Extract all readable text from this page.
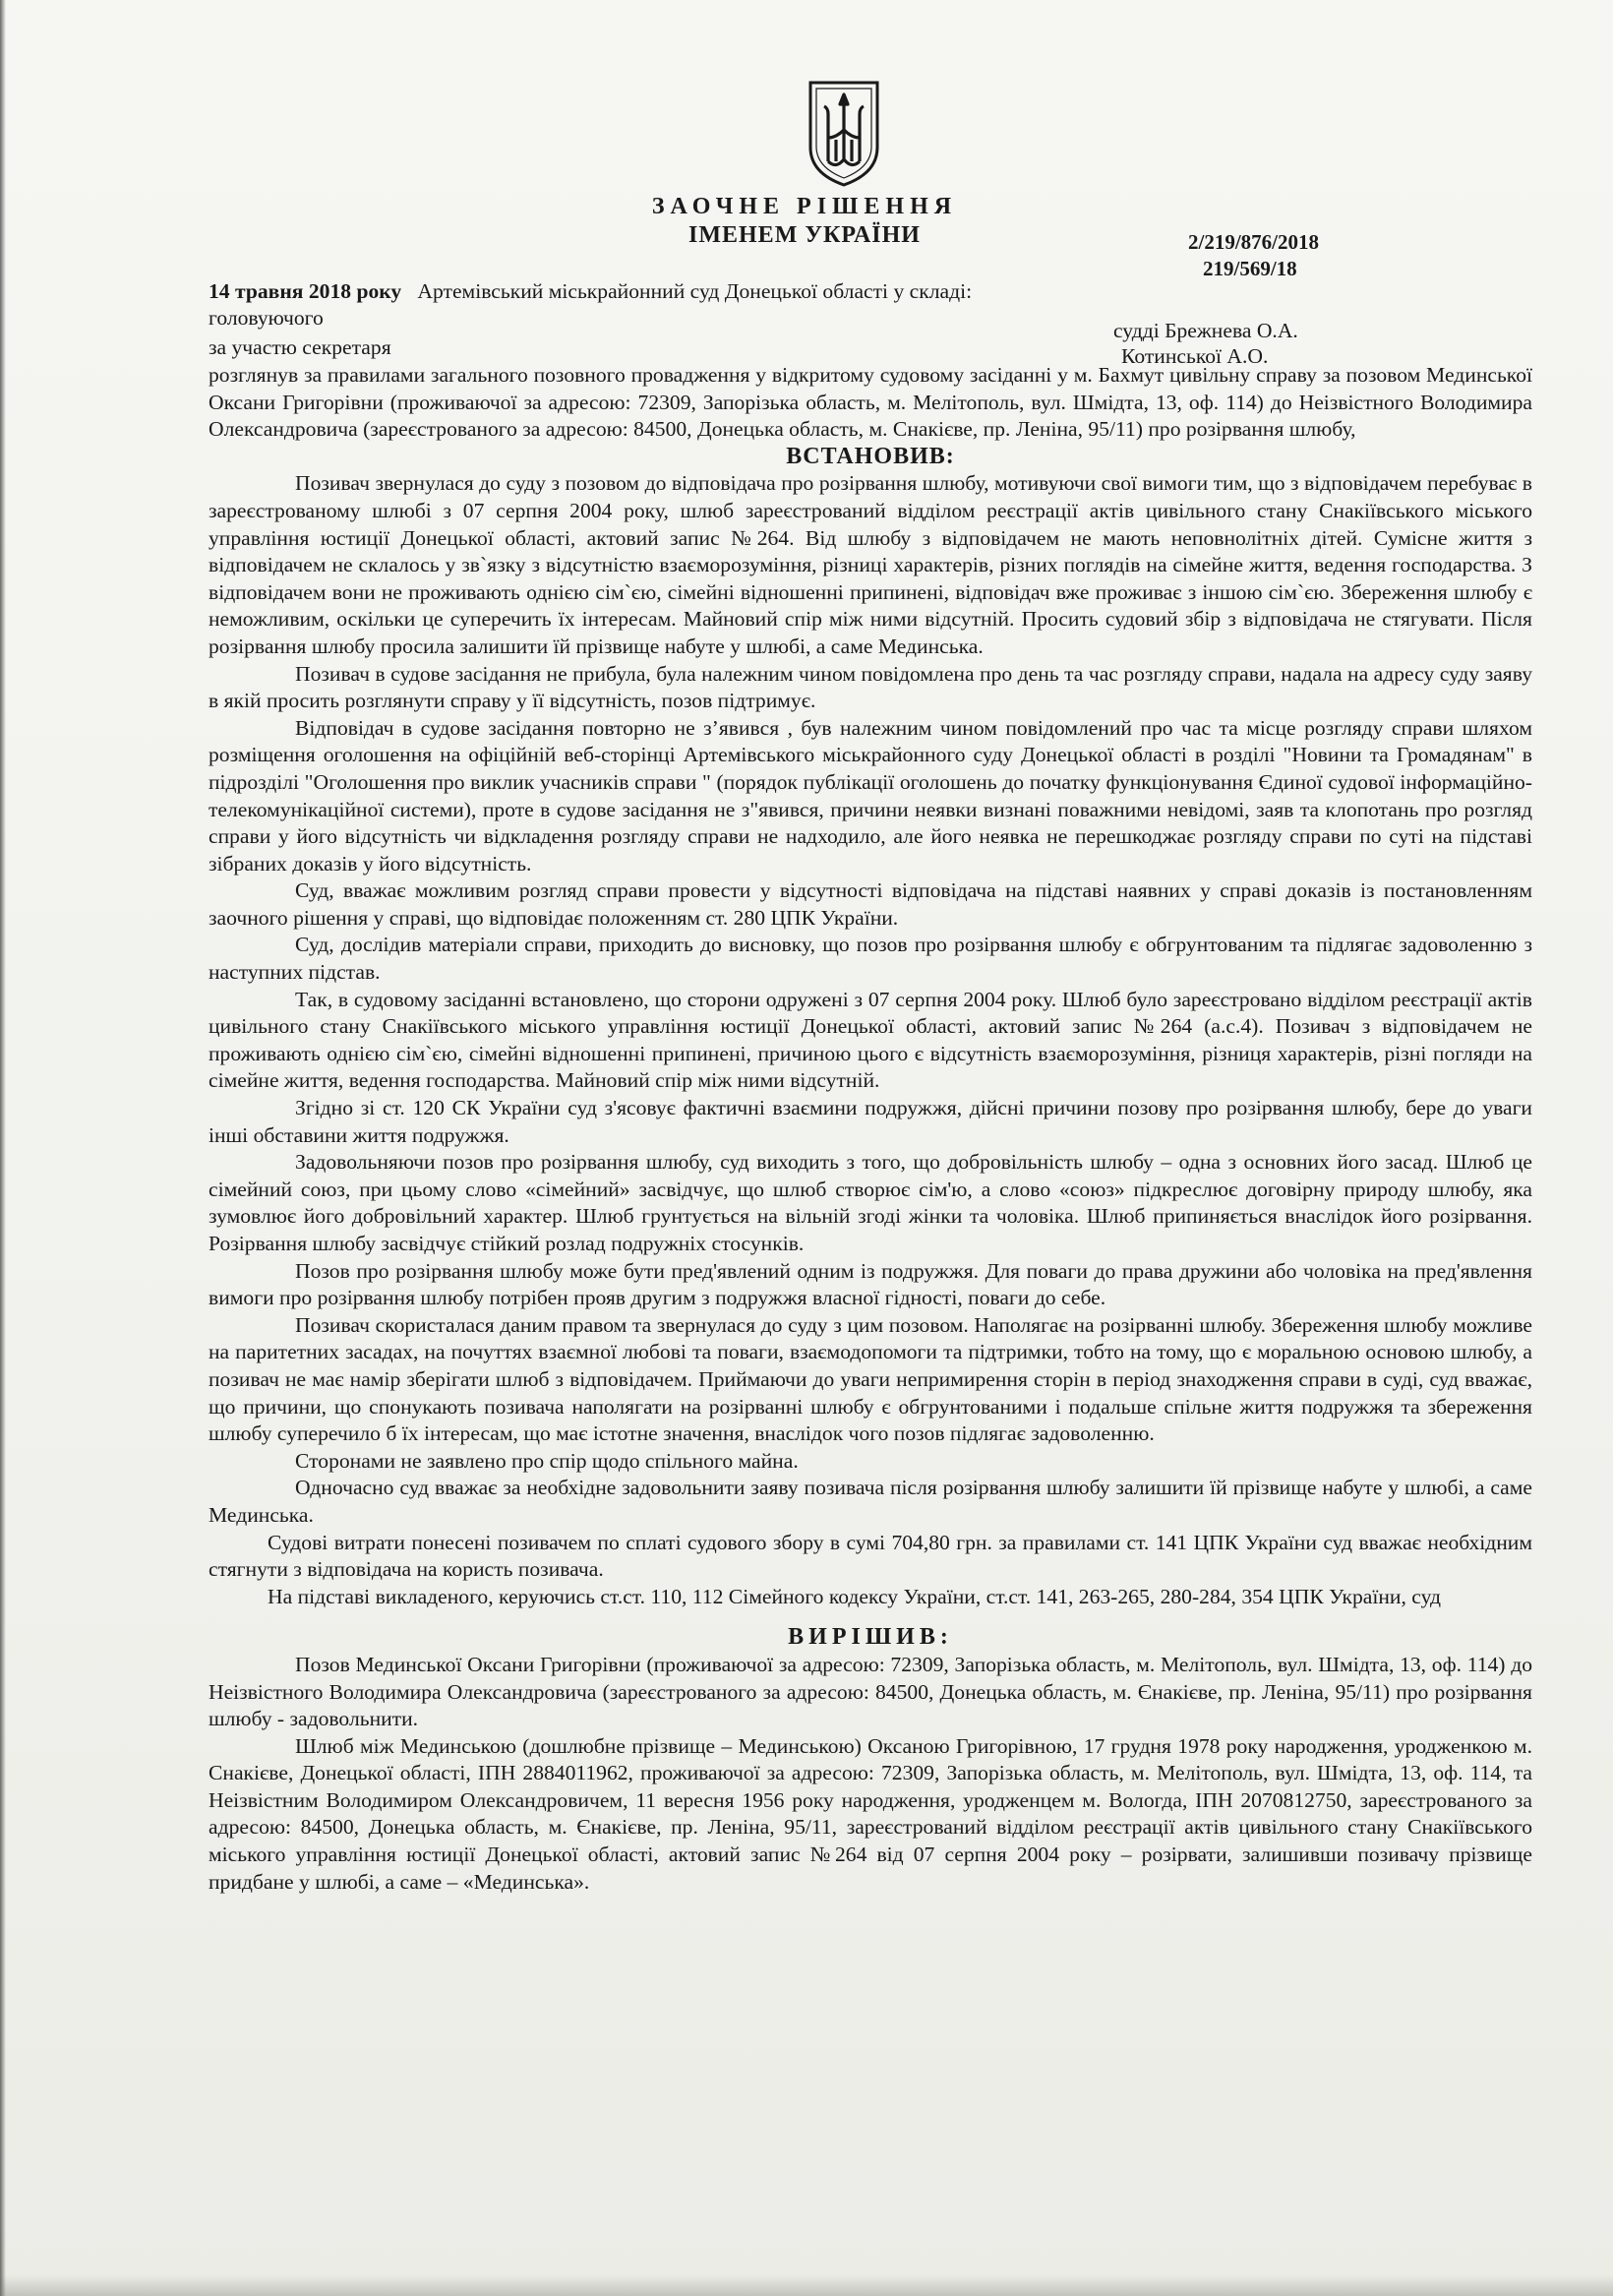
ЗАОЧНЕ РІШЕННЯ
ІМЕНЕМ УКРАЇНИ	2/219/876/2018
219/569/18
14 травня 2018 року Артемівський міськрайонний суд Донецької області у складі:
головуючого
судді Брежнева О.А.
за участю секретаря	Котинської А.О.

розглянув за правилами загального позовного провадження у відкритому судовому засіданні у м. Бахмут цивільну справу за позовом Мединської Оксани Григорівни (проживаючої за адресою: 72309, Запорізька область, м. Мелітополь, вул. Шмідта, 13, оф. 114) до Неізвістного Володимира Олександровича (зареєстрованого за адресою: 84500, Донецька область, м. Снакієве, пр. Леніна, 95/11) про розірвання шлюбу,

ВСТАНОВИВ:

Позивач звернулася до суду з позовом до відповідача про розірвання шлюбу, мотивуючи свої вимоги тим, що з відповідачем перебуває в зареєстрованому шлюбі з 07 серпня 2004 року, шлюб зареєстрований відділом реєстрації актів цивільного стану Снакіївського міського управління юстиції Донецької області, актовий запис №264. Від шлюбу з відповідачем не мають неповнолітніх дітей. Сумісне життя з відповідачем не склалось у зв`язку з відсутністю взаєморозуміння, різниці характерів, різних поглядів на сімейне життя, ведення господарства. З відповідачем вони не проживають однією сім`єю, сімейні відношенні припинені, відповідач вже проживає з іншою сім`єю. Збереження шлюбу є неможливим, оскільки це суперечить їх інтересам. Майновий спір між ними відсутній. Просить судовий збір з відповідача не стягувати. Після розірвання шлюбу просила залишити їй прізвище набуте у шлюбі, а саме Мединська.

Позивач в судове засідання не прибула, була належним чином повідомлена про день та час розгляду справи, надала на адресу суду заяву в якій просить розглянути справу у її відсутність, позов підтримує.

Відповідач в судове засідання повторно не з’явився , був належним чином повідомлений про час та місце розгляду справи шляхом розміщення оголошення на офіційній веб-сторінці Артемівського міськрайонного суду Донецької області в розділі "Новини та Громадянам" в підрозділі "Оголошення про виклик учасників справи " (порядок публікації оголошень до початку функціонування Єдиної судової інформаційно-телекомунікаційної системи), проте в судове засідання не з"явився, причини неявки визнані поважними невідомі, заяв та клопотань про розгляд справи у його відсутність чи відкладення розгляду справи не надходило, але його неявка не перешкоджає розгляду справи по суті на підставі зібраних доказів у його відсутність.

Суд, вважає можливим розгляд справи провести у відсутності відповідача на підставі наявних у справі доказів із постановленням заочного рішення у справі, що відповідає положенням ст. 280 ЦПК України.

Суд, дослідив матеріали справи, приходить до висновку, що позов про розірвання шлюбу є обгрунтованим та підлягає задоволенню з наступних підстав.

Так, в судовому засіданні встановлено, що сторони одружені з 07 серпня 2004 року. Шлюб було зареєстровано відділом реєстрації актів цивільного стану Снакіївського міського управління юстиції Донецької області, актовий запис №264 (а.с.4). Позивач з відповідачем не проживають однією сім`єю, сімейні відношенні припинені, причиною цього є відсутність взаєморозуміння, різниця характерів, різні погляди на сімейне життя, ведення господарства. Майновий спір між ними відсутній.

Згідно зі ст. 120 СК України суд з'ясовує фактичні взаємини подружжя, дійсні причини позову про розірвання шлюбу, бере до уваги інші обставини життя подружжя.

Задовольняючи позов про розірвання шлюбу, суд виходить з того, що добровільність шлюбу – одна з основних його засад. Шлюб це сімейний союз, при цьому слово «сімейний» засвідчує, що шлюб створює сім'ю, а слово «союз» підкреслює договірну природу шлюбу, яка зумовлює його добровільний характер. Шлюб грунтується на вільній згоді жінки та чоловіка. Шлюб припиняється внаслідок його розірвання. Розірвання шлюбу засвідчує стійкий розлад подружніх стосунків.

Позов про розірвання шлюбу може бути пред'явлений одним із подружжя. Для поваги до права дружини або чоловіка на пред'явлення вимоги про розірвання шлюбу потрібен прояв другим з подружжя власної гідності, поваги до себе.

Позивач скористалася даним правом та звернулася до суду з цим позовом. Наполягає на розірванні шлюбу. Збереження шлюбу можливе на паритетних засадах, на почуттях взаємної любові та поваги, взаємодопомоги та підтримки, тобто на тому, що є моральною основою шлюбу, а позивач не має намір зберігати шлюб з відповідачем. Приймаючи до уваги непримирення сторін в період знаходження справи в суді, суд вважає, що причини, що спонукають позивача наполягати на розірванні шлюбу є обгрунтованими і подальше спільне життя подружжя та збереження шлюбу суперечило б їх інтересам, що має істотне значення, внаслідок чого позов підлягає задоволенню.

Сторонами не заявлено про спір щодо спільного майна.

Одночасно суд вважає за необхідне задовольнити заяву позивача після розірвання шлюбу залишити їй прізвище набуте у шлюбі, а саме Мединська.

Судові витрати понесені позивачем по сплаті судового збору в сумі 704,80 грн. за правилами ст. 141 ЦПК України суд вважає необхідним стягнути з відповідача на користь позивача.

На підставі викладеного, керуючись ст.ст. 110, 112 Сімейного кодексу України, ст.ст. 141, 263-265, 280-284, 354 ЦПК України, суд

ВИРІШИВ:

Позов Мединської Оксани Григорівни (проживаючої за адресою: 72309, Запорізька область, м. Мелітополь, вул. Шмідта, 13, оф. 114) до Неізвістного Володимира Олександровича (зареєстрованого за адресою: 84500, Донецька область, м. Єнакієве, пр. Леніна, 95/11) про розірвання шлюбу - задовольнити.

Шлюб між Мединською (дошлюбне прізвище – Мединською) Оксаною Григорівною, 17 грудня 1978 року народження, уродженкою м. Снакієве, Донецької області, ІПН 2884011962, проживаючої за адресою: 72309, Запорізька область, м. Мелітополь, вул. Шмідта, 13, оф. 114, та Неізвістним Володимиром Олександровичем, 11 вересня 1956 року народження, уродженцем м. Вологда, ІПН 2070812750, зареєстрованого за адресою: 84500, Донецька область, м. Єнакієве, пр. Леніна, 95/11, зареєстрований відділом реєстрації актів цивільного стану Снакіївського міського управління юстиції Донецької області, актовий запис №264 від 07 серпня 2004 року – розірвати, залишивши позивачу прізвище придбане у шлюбі, а саме – «Мединська».
